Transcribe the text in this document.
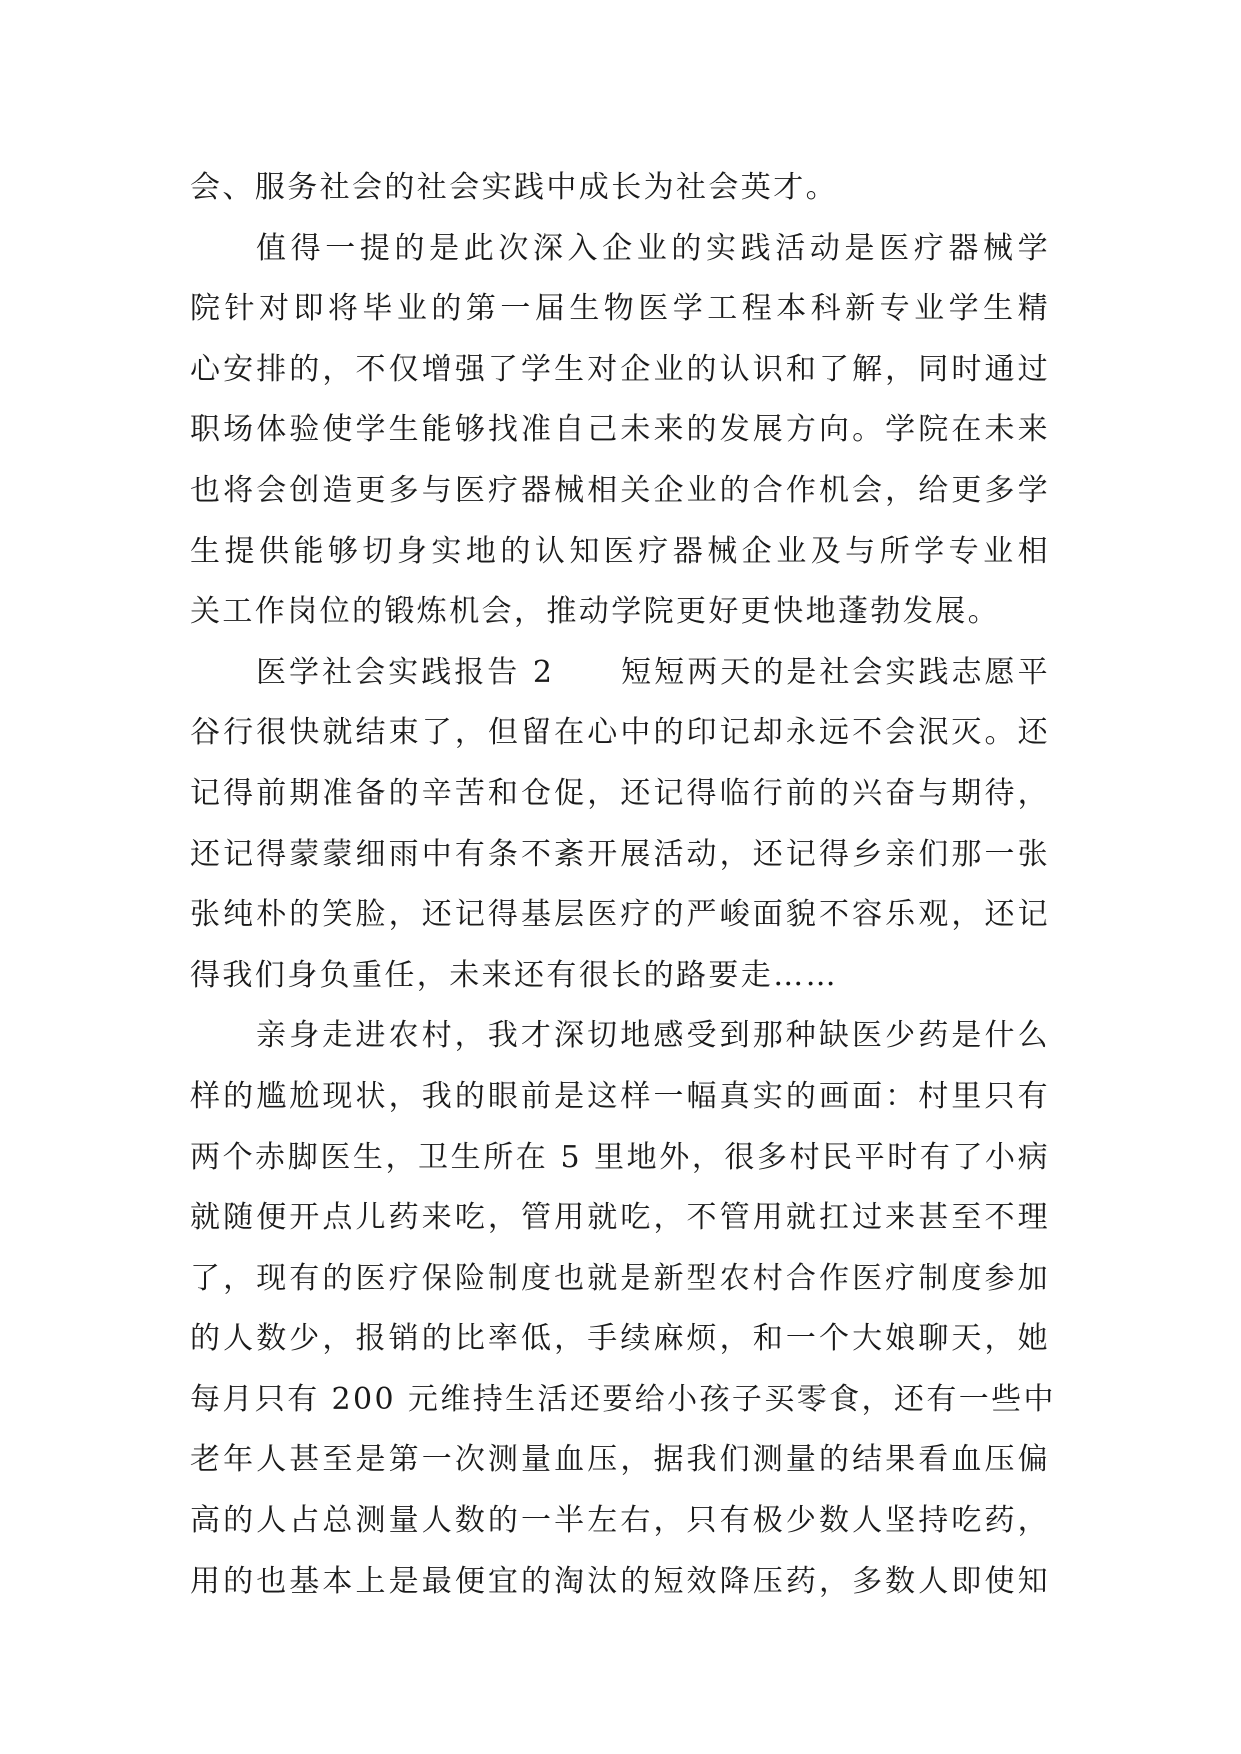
会、服务社会的社会实践中成长为社会英才。
值得一提的是此次深入企业的实践活动是医疗器械学
院针对即将毕业的第一届生物医学工程本科新专业学生精
心安排的，不仅增强了学生对企业的认识和了解，同时通过
职场体验使学生能够找准自己未来的发展方向。学院在未来
也将会创造更多与医疗器械相关企业的合作机会，给更多学
生提供能够切身实地的认知医疗器械企业及与所学专业相
关工作岗位的锻炼机会，推动学院更好更快地蓬勃发展。
医学社会实践报告 2　　短短两天的是社会实践志愿平
谷行很快就结束了，但留在心中的印记却永远不会泯灭。还
记得前期准备的辛苦和仓促，还记得临行前的兴奋与期待，
还记得蒙蒙细雨中有条不紊开展活动，还记得乡亲们那一张
张纯朴的笑脸，还记得基层医疗的严峻面貌不容乐观，还记
得我们身负重任，未来还有很长的路要走……
亲身走进农村，我才深切地感受到那种缺医少药是什么
样的尴尬现状，我的眼前是这样一幅真实的画面：村里只有
两个赤脚医生，卫生所在 5 里地外，很多村民平时有了小病
就随便开点儿药来吃，管用就吃，不管用就扛过来甚至不理
了，现有的医疗保险制度也就是新型农村合作医疗制度参加
的人数少，报销的比率低，手续麻烦，和一个大娘聊天，她
每月只有 200 元维持生活还要给小孩子买零食，还有一些中
老年人甚至是第一次测量血压，据我们测量的结果看血压偏
高的人占总测量人数的一半左右，只有极少数人坚持吃药，
用的也基本上是最便宜的淘汰的短效降压药，多数人即使知
